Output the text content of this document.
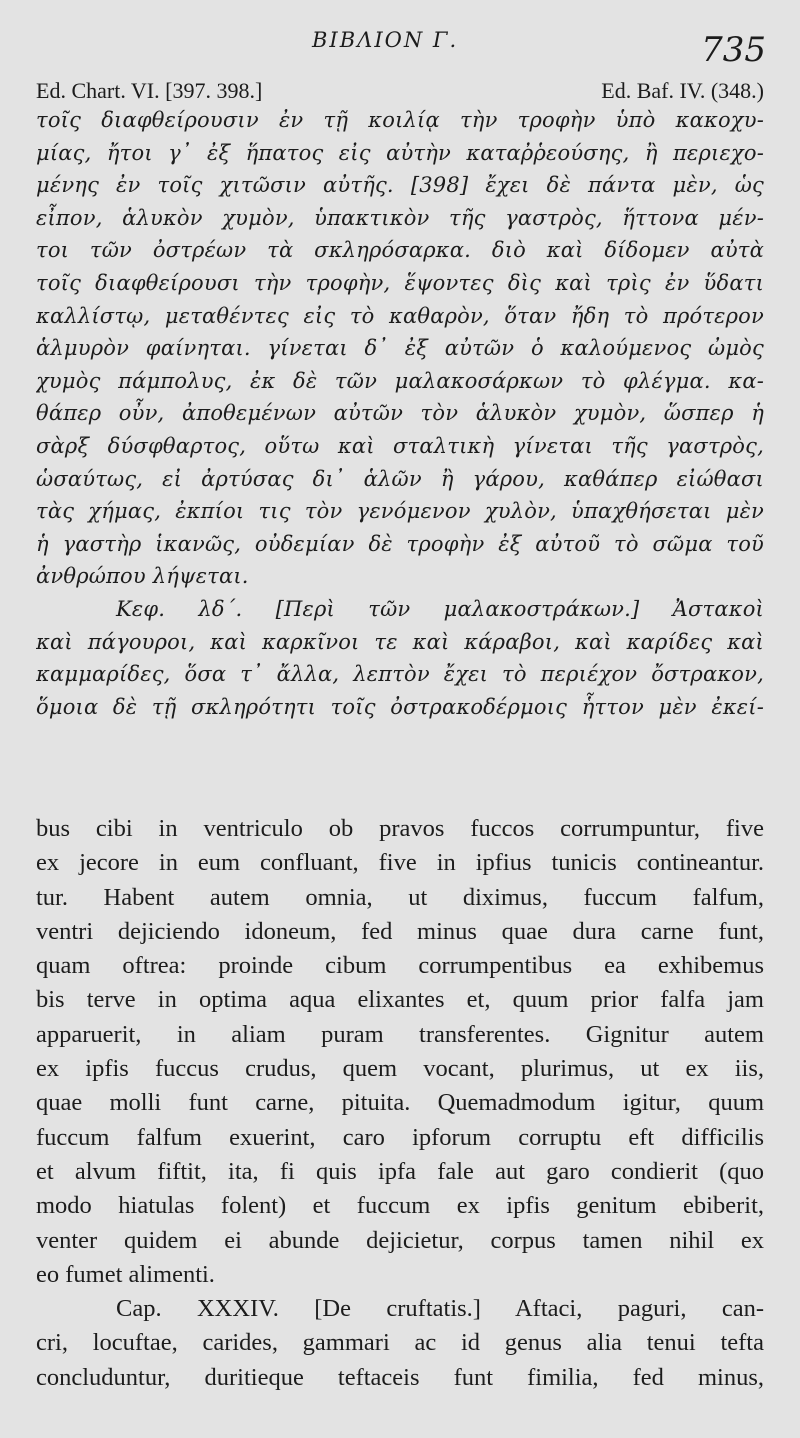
BIBΛΙΟΝ Γ.	735
Ed. Chart. VI. [397. 398.]	Ed. Baf. IV. (348.)
τοῖς διαφθείρουσιν ἐν τῇ κοιλίᾳ τὴν τροφὴν ὑπὸ κακοχυ-
μίας, ἤτοι γ᾽ ἐξ ἥπατος εἰς αὐτὴν καταῤῥεούσης, ἢ περιεχο-
μένης ἐν τοῖς χιτῶσιν αὐτῆς. [398] ἔχει δὲ πάντα μὲν, ὡς
εἶπον, ἁλυκὸν χυμὸν, ὑπακτικὸν τῆς γαστρὸς, ἥττονα μέν-
τοι τῶν ὀστρέων τὰ σκληρόσαρκα. διὸ καὶ δίδομεν αὐτὰ
τοῖς διαφθείρουσι τὴν τροφὴν, ἕψοντες δὶς καὶ τρὶς ἐν ὕδατι
καλλίστῳ, μεταθέντες εἰς τὸ καθαρὸν, ὅταν ἤδη τὸ πρότερον
ἁλμυρὸν φαίνηται. γίνεται δ᾽ ἐξ αὐτῶν ὁ καλούμενος ὠμὸς
χυμὸς πάμπολυς, ἐκ δὲ τῶν μαλακοσάρκων τὸ φλέγμα. κα-
θάπερ οὖν, ἀποθεμένων αὐτῶν τὸν ἁλυκὸν χυμὸν, ὥσπερ ἡ
σὰρξ δύσφθαρτος, οὕτω καὶ σταλτικὴ γίνεται τῆς γαστρὸς,
ὡσαύτως, εἰ ἀρτύσας δι᾽ ἁλῶν ἢ γάρου, καθάπερ εἰώθασι
τὰς χήμας, ἐκπίοι τις τὸν γενόμενον χυλὸν, ὑπαχθήσεται μὲν
ἡ γαστὴρ ἱκανῶς, οὐδεμίαν δὲ τροφὴν ἐξ αὐτοῦ τὸ σῶμα τοῦ
ἀνθρώπου λήψεται.
Κεφ. λδ΄. [Περὶ τῶν μαλακοστράκων.] Ἀστακοὶ
καὶ πάγουροι, καὶ καρκῖνοι τε καὶ κάραβοι, καὶ καρίδες καὶ
καμμαρίδες, ὅσα τ᾽ ἄλλα, λεπτὸν ἔχει τὸ περιέχον ὄστρακον,
ὅμοια δὲ τῇ σκληρότητι τοῖς ὀστρακοδέρμοις ἧττον μὲν ἐκεί-
bus cibi in ventriculo ob pravos fuccos corrumpuntur, five
ex jecore in eum confluant, five in ipfius tunicis contineantur.
tur. Habent autem omnia, ut diximus, fuccum falfum,
ventri dejiciendo idoneum, fed minus quae dura carne funt,
quam oftrea: proinde cibum corrumpentibus ea exhibemus
bis terve in optima aqua elixantes et, quum prior falfa jam
apparuerit, in aliam puram transferentes. Gignitur autem
ex ipfis fuccus crudus, quem vocant, plurimus, ut ex iis,
quae molli funt carne, pituita. Quemadmodum igitur, quum
fuccum falfum exuerint, caro ipforum corruptu eft difficilis
et alvum fiftit, ita, fi quis ipfa fale aut garo condierit (quo
modo hiatulas folent) et fuccum ex ipfis genitum ebiberit,
venter quidem ei abunde dejicietur, corpus tamen nihil ex
eo fumet alimenti.
Cap. XXXIV. [De cruftatis.] Aftaci, paguri, can-
cri, locuftae, carides, gammari ac id genus alia tenui tefta
concluduntur, duritieque teftaceis funt fimilia, fed minus,
